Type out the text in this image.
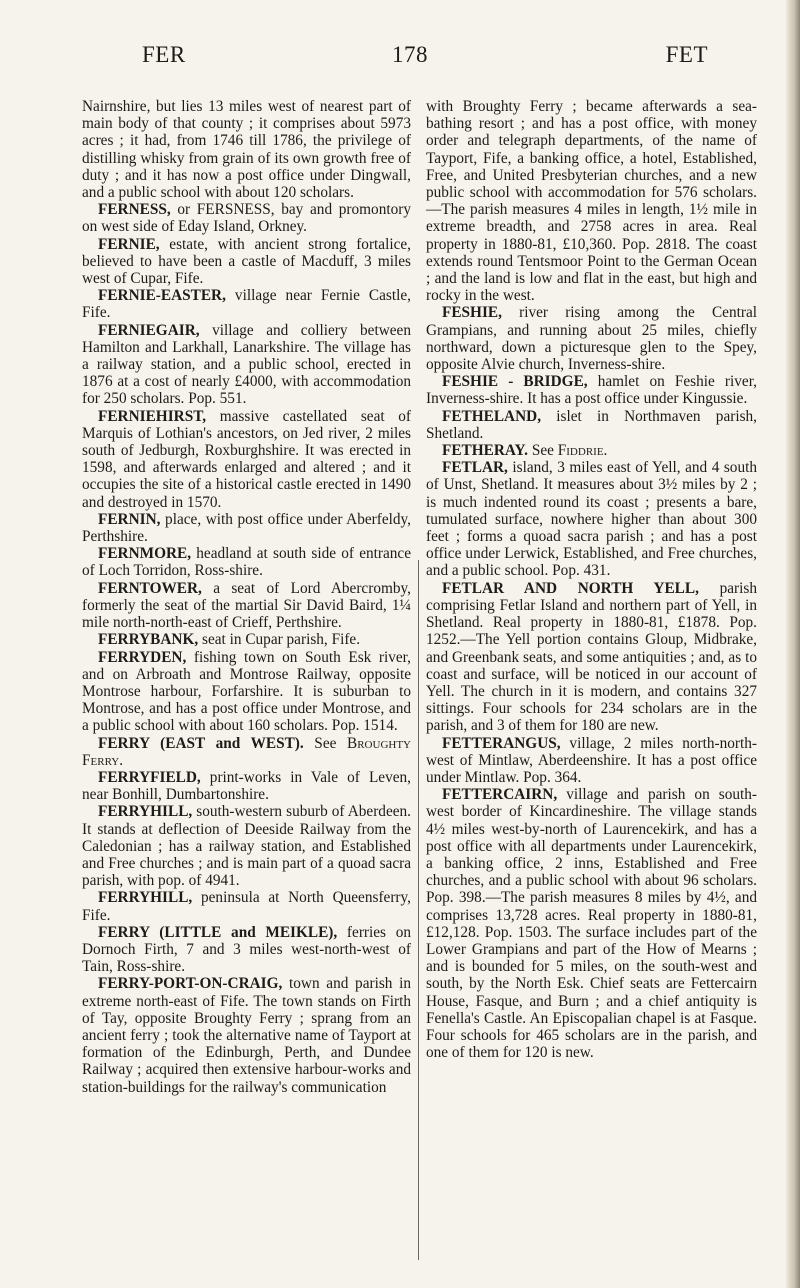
FER	178	FET

Nairnshire, but lies 13 miles west of nearest part of main body of that county ; it comprises about 5973 acres ; it had, from 1746 till 1786, the privilege of distilling whisky from grain of its own growth free of duty ; and it has now a post office under Dingwall, and a public school with about 120 scholars.

FERNESS, or FERSNESS, bay and promontory on west side of Eday Island, Orkney.

FERNIE, estate, with ancient strong fortalice, believed to have been a castle of Macduff, 3 miles west of Cupar, Fife.

FERNIE-EASTER, village near Fernie Castle, Fife.

FERNIEGAIR, village and colliery between Hamilton and Larkhall, Lanarkshire. The village has a railway station, and a public school, erected in 1876 at a cost of nearly £4000, with accommodation for 250 scholars. Pop. 551.

FERNIEHIRST, massive castellated seat of Marquis of Lothian's ancestors, on Jed river, 2 miles south of Jedburgh, Roxburghshire. It was erected in 1598, and afterwards enlarged and altered ; and it occupies the site of a historical castle erected in 1490 and destroyed in 1570.

FERNIN, place, with post office under Aberfeldy, Perthshire.

FERNMORE, headland at south side of entrance of Loch Torridon, Ross-shire.

FERNTOWER, a seat of Lord Abercromby, formerly the seat of the martial Sir David Baird, 1¼ mile north-north-east of Crieff, Perthshire.

FERRYBANK, seat in Cupar parish, Fife.

FERRYDEN, fishing town on South Esk river, and on Arbroath and Montrose Railway, opposite Montrose harbour, Forfarshire. It is suburban to Montrose, and has a post office under Montrose, and a public school with about 160 scholars. Pop. 1514.

FERRY (EAST and WEST). See Broughty Ferry.

FERRYFIELD, print-works in Vale of Leven, near Bonhill, Dumbartonshire.

FERRYHILL, south-western suburb of Aberdeen. It stands at deflection of Deeside Railway from the Caledonian ; has a railway station, and Established and Free churches ; and is main part of a quoad sacra parish, with pop. of 4941.

FERRYHILL, peninsula at North Queensferry, Fife.

FERRY (LITTLE and MEIKLE), ferries on Dornoch Firth, 7 and 3 miles west-north-west of Tain, Ross-shire.

FERRY-PORT-ON-CRAIG, town and parish in extreme north-east of Fife. The town stands on Firth of Tay, opposite Broughty Ferry ; sprang from an ancient ferry ; took the alternative name of Tayport at formation of the Edinburgh, Perth, and Dundee Railway ; acquired then extensive harbour-works and station-buildings for the railway's communication

with Broughty Ferry ; became afterwards a sea-bathing resort ; and has a post office, with money order and telegraph departments, of the name of Tayport, Fife, a banking office, a hotel, Established, Free, and United Presbyterian churches, and a new public school with accommodation for 576 scholars.—The parish measures 4 miles in length, 1½ mile in extreme breadth, and 2758 acres in area. Real property in 1880-81, £10,360. Pop. 2818. The coast extends round Tentsmoor Point to the German Ocean ; and the land is low and flat in the east, but high and rocky in the west.

FESHIE, river rising among the Central Grampians, and running about 25 miles, chiefly northward, down a picturesque glen to the Spey, opposite Alvie church, Inverness-shire.

FESHIE - BRIDGE, hamlet on Feshie river, Inverness-shire. It has a post office under Kingussie.

FETHELAND, islet in Northmaven parish, Shetland.

FETHERAY. See Fiddrie.

FETLAR, island, 3 miles east of Yell, and 4 south of Unst, Shetland. It measures about 3½ miles by 2 ; is much indented round its coast ; presents a bare, tumulated surface, nowhere higher than about 300 feet ; forms a quoad sacra parish ; and has a post office under Lerwick, Established, and Free churches, and a public school. Pop. 431.

FETLAR AND NORTH YELL, parish comprising Fetlar Island and northern part of Yell, in Shetland. Real property in 1880-81, £1878. Pop. 1252.—The Yell portion contains Gloup, Midbrake, and Greenbank seats, and some antiquities ; and, as to coast and surface, will be noticed in our account of Yell. The church in it is modern, and contains 327 sittings. Four schools for 234 scholars are in the parish, and 3 of them for 180 are new.

FETTERANGUS, village, 2 miles north-north-west of Mintlaw, Aberdeenshire. It has a post office under Mintlaw. Pop. 364.

FETTERCAIRN, village and parish on south-west border of Kincardineshire. The village stands 4½ miles west-by-north of Laurencekirk, and has a post office with all departments under Laurencekirk, a banking office, 2 inns, Established and Free churches, and a public school with about 96 scholars. Pop. 398.—The parish measures 8 miles by 4½, and comprises 13,728 acres. Real property in 1880-81, £12,128. Pop. 1503. The surface includes part of the Lower Grampians and part of the How of Mearns ; and is bounded for 5 miles, on the south-west and south, by the North Esk. Chief seats are Fettercairn House, Fasque, and Burn ; and a chief antiquity is Fenella's Castle. An Episcopalian chapel is at Fasque. Four schools for 465 scholars are in the parish, and one of them for 120 is new.
